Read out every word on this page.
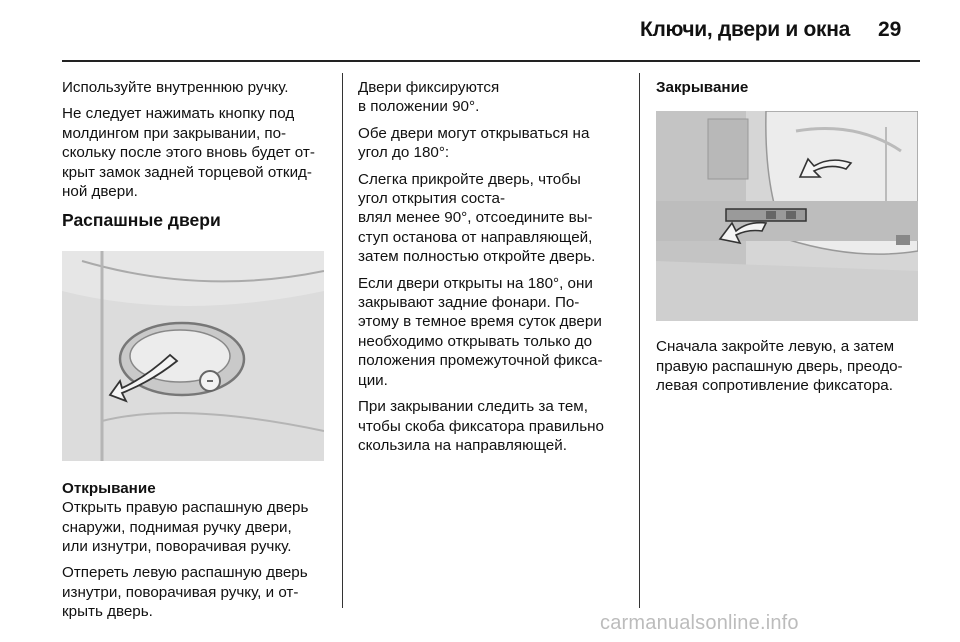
Ключи, двери и окна 29

Используйте внутреннюю ручку.

Не следует нажимать кнопку под
молдингом при закрывании, по-
скольку после этого вновь будет от-
крыт замок задней торцевой откид-
ной двери.

Распашные двери

Открывание

Открыть правую распашную дверь
снаружи, поднимая ручку двери,
или изнутри, поворачивая ручку.

Отпереть левую распашную дверь
изнутри, поворачивая ручку, и от-
крыть дверь.

Двери фиксируются
в положении 90°.

Обе двери могут открываться на
угол до 180°:

Слегка прикройте дверь, чтобы
угол открытия соста-
влял менее 90°, отсоедините вы-
ступ останова от направляющей,
затем полностью откройте дверь.

Если двери открыты на 180°, они
закрывают задние фонари. По-
этому в темное время суток двери
необходимо открывать только до
положения промежуточной фикса-
ции.

При закрывании следить за тем,
чтобы скоба фиксатора правильно
скользила на направляющей.

Закрывание

Сначала закройте левую, а затем
правую распашную дверь, преодо-
левая сопротивление фиксатора.

carmanualsonline.info
